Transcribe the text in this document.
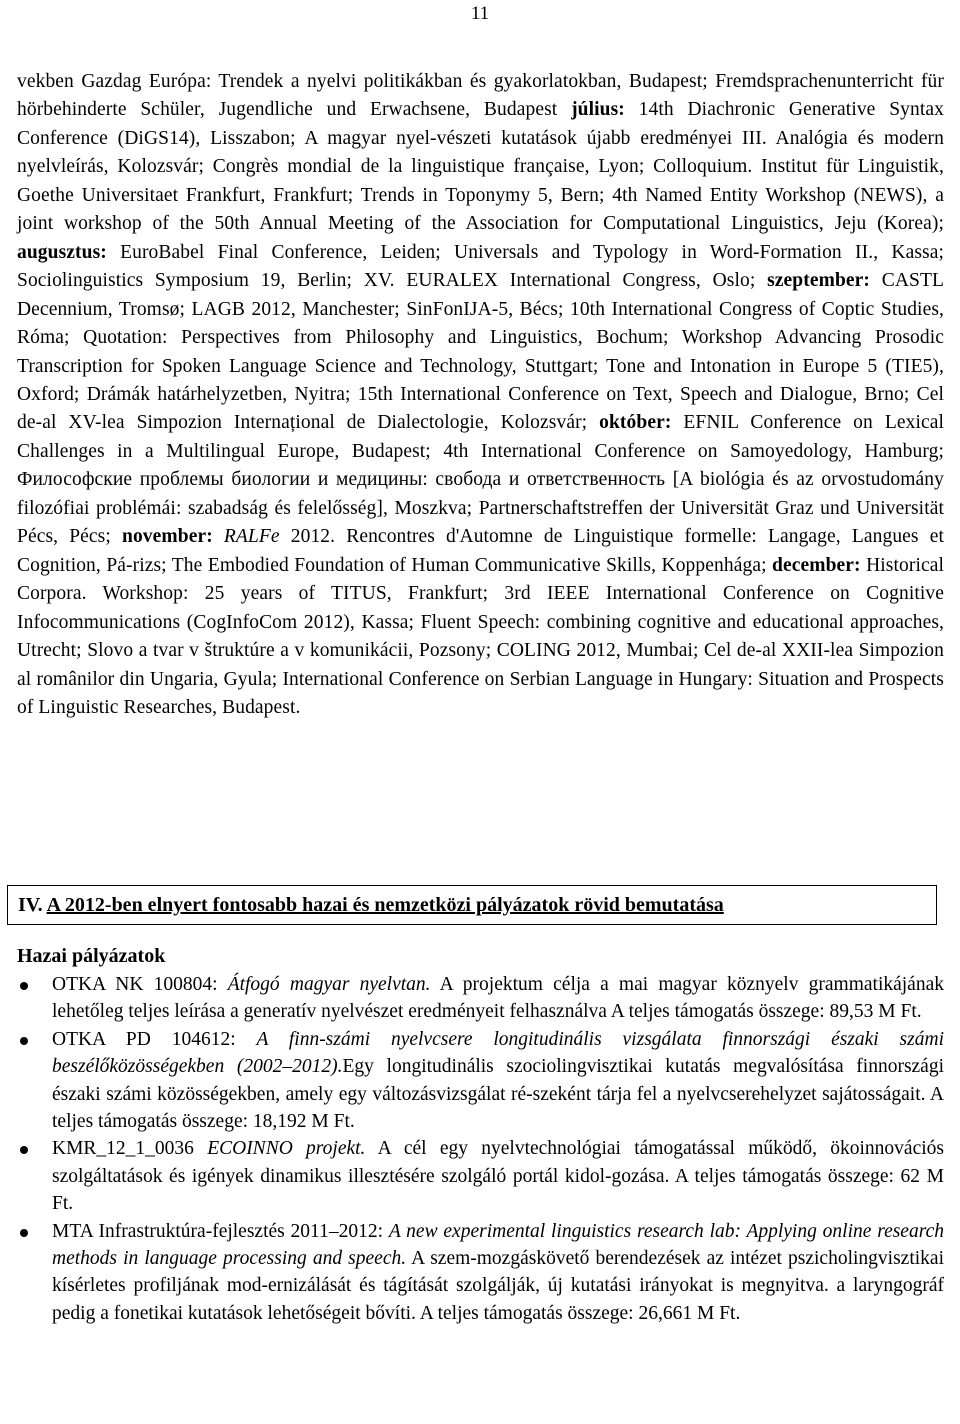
11

vekben Gazdag Európa: Trendek a nyelvi politikákban és gyakorlatokban, Budapest; Fremdsprachenunterricht für hörbehinderte Schüler, Jugendliche und Erwachsene, Budapest július: 14th Diachronic Generative Syntax Conference (DiGS14), Lisszabon; A magyar nyel-vészeti kutatások újabb eredményei III. Analógia és modern nyelvleírás, Kolozsvár; Congrès mondial de la linguistique française, Lyon; Colloquium. Institut für Linguistik, Goethe Universitaet Frankfurt, Frankfurt; Trends in Toponymy 5, Bern; 4th Named Entity Workshop (NEWS), a joint workshop of the 50th Annual Meeting of the Association for Computational Linguistics, Jeju (Korea); augusztus: EuroBabel Final Conference, Leiden; Universals and Typology in Word-Formation II., Kassa; Sociolinguistics Symposium 19, Berlin; XV. EURALEX International Congress, Oslo; szeptember: CASTL Decennium, Tromsø; LAGB 2012, Manchester; SinFonIJA-5, Bécs; 10th International Congress of Coptic Studies, Róma; Quotation: Perspectives from Philosophy and Linguistics, Bochum; Workshop Advancing Prosodic Transcription for Spoken Language Science and Technology, Stuttgart; Tone and Intonation in Europe 5 (TIE5), Oxford; Drámák határhelyzetben, Nyitra; 15th International Conference on Text, Speech and Dialogue, Brno; Cel de-al XV-lea Simpozion Internațional de Dialectologie, Kolozsvár; október: EFNIL Conference on Lexical Challenges in a Multilingual Europe, Budapest; 4th International Conference on Samoyedology, Hamburg; Философские проблемы биологии и медицины: свобода и ответственность [A biológia és az orvostudomány filozófiai problémái: szabadság és felelősség], Moszkva; Partnerschaftstreffen der Universität Graz und Universität Pécs, Pécs; november: RALFe 2012. Rencontres d'Automne de Linguistique formelle: Langage, Langues et Cognition, Pá-rizs; The Embodied Foundation of Human Communicative Skills, Koppenhága; december: Historical Corpora. Workshop: 25 years of TITUS, Frankfurt; 3rd IEEE International Conference on Cognitive Infocommunications (CogInfoCom 2012), Kassa; Fluent Speech: combining cognitive and educational approaches, Utrecht; Slovo a tvar v štruktúre a v komunikácii, Pozsony; COLING 2012, Mumbai; Cel de-al XXII-lea Simpozion al românilor din Ungaria, Gyula; International Conference on Serbian Language in Hungary: Situation and Prospects of Linguistic Researches, Budapest.

IV. A 2012-ben elnyert fontosabb hazai és nemzetközi pályázatok rövid bemutatása
Hazai pályázatok
OTKA NK 100804: Átfogó magyar nyelvtan. A projektum célja a mai magyar köznyelv grammatikájának lehetőleg teljes leírása a generatív nyelvészet eredményeit felhasználva A teljes támogatás összege: 89,53 M Ft.
OTKA PD 104612: A finn-számi nyelvcsere longitudinális vizsgálata finnországi északi számi beszélőközösségekben (2002–2012).Egy longitudinális szociolingvisztikai kutatás megvalósítása finnországi északi számi közösségekben, amely egy változásvizsgálat ré-szeként tárja fel a nyelvcserehelyzet sajátosságait. A teljes támogatás összege: 18,192 M Ft.
KMR_12_1_0036 ECOINNO projekt. A cél egy nyelvtechnológiai támogatással működő, ökoinnovációs szolgáltatások és igények dinamikus illesztésére szolgáló portál kidol-gozása. A teljes támogatás összege: 62 M Ft.
MTA Infrastruktúra-fejlesztés 2011–2012: A new experimental linguistics research lab: Applying online research methods in language processing and speech. A szem-mozgáskövető berendezések az intézet pszicholingvisztikai kísérletes profiljának mod-ernizálását és tágítását szolgálják, új kutatási irányokat is megnyitva. a laryngográf pedig a fonetikai kutatások lehetőségeit bővíti. A teljes támogatás összege: 26,661 M Ft.
